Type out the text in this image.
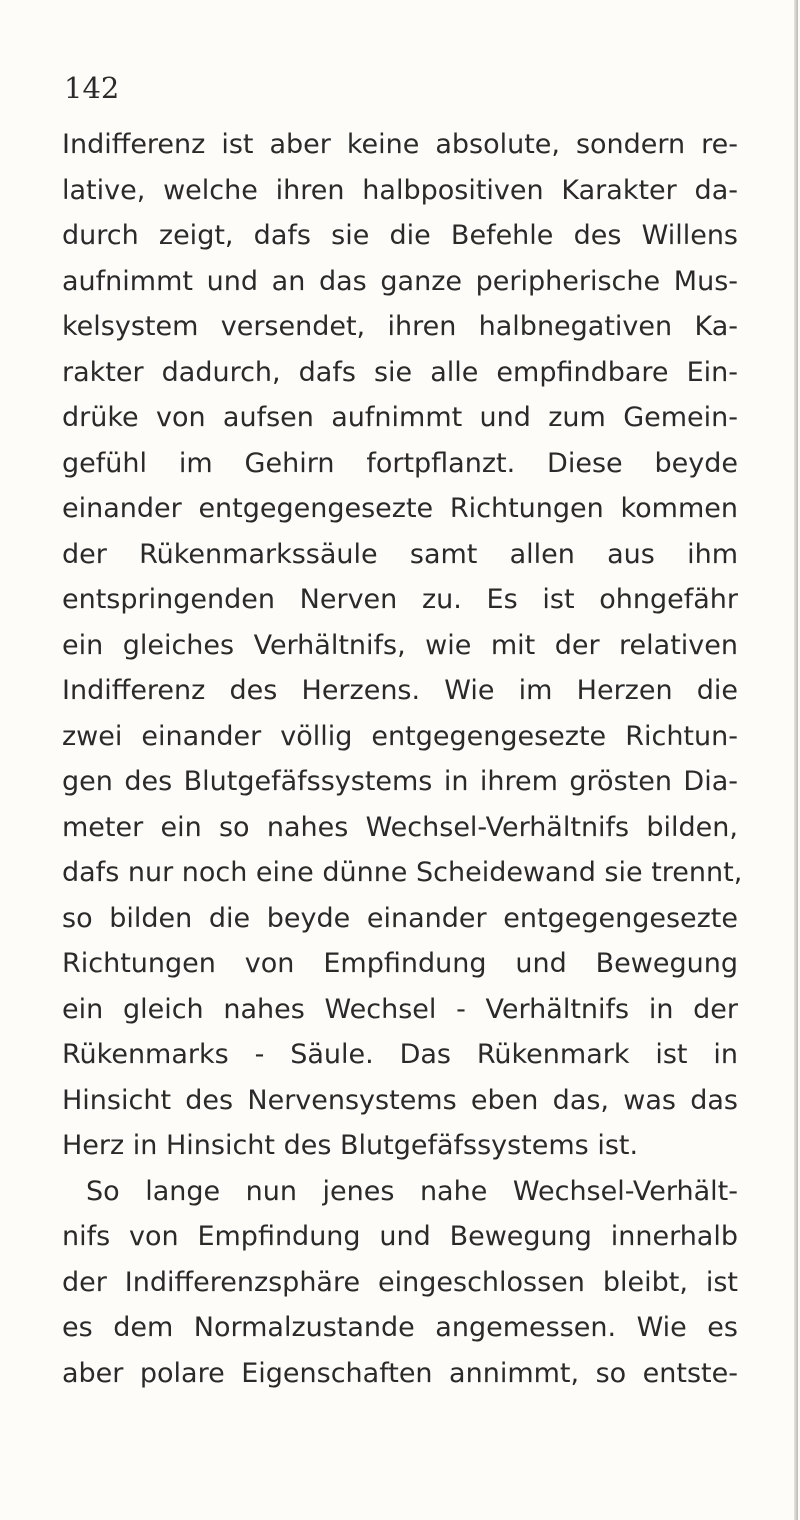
142
Indifferenz ist aber keine absolute, sondern re-
lative, welche ihren halbpositiven Karakter da-
durch zeigt, dafs sie die Befehle des Willens
aufnimmt und an das ganze peripherische Mus-
kelsystem versendet, ihren halbnegativen Ka-
rakter dadurch, dafs sie alle empfindbare Ein-
drüke von aufsen aufnimmt und zum Gemein-
gefühl im Gehirn fortpflanzt. Diese beyde
einander entgegengesezte Richtungen kommen
der Rükenmarkssäule samt allen aus ihm
entspringenden Nerven zu. Es ist ohngefähr
ein gleiches Verhältnifs, wie mit der relativen
Indifferenz des Herzens. Wie im Herzen die
zwei einander völlig entgegengesezte Richtun-
gen des Blutgefäfssystems in ihrem grösten Dia-
meter ein so nahes Wechsel-Verhältnifs bilden,
dafs nur noch eine dünne Scheidewand sie trennt,
so bilden die beyde einander entgegengesezte
Richtungen von Empfindung und Bewegung
ein gleich nahes Wechsel - Verhältnifs in der
Rükenmarks - Säule. Das Rükenmark ist in
Hinsicht des Nervensystems eben das, was das
Herz in Hinsicht des Blutgefäfssystems ist.
So lange nun jenes nahe Wechsel-Verhält-
nifs von Empfindung und Bewegung innerhalb
der Indifferenzsphäre eingeschlossen bleibt, ist
es dem Normalzustande angemessen. Wie es
aber polare Eigenschaften annimmt, so entste-
